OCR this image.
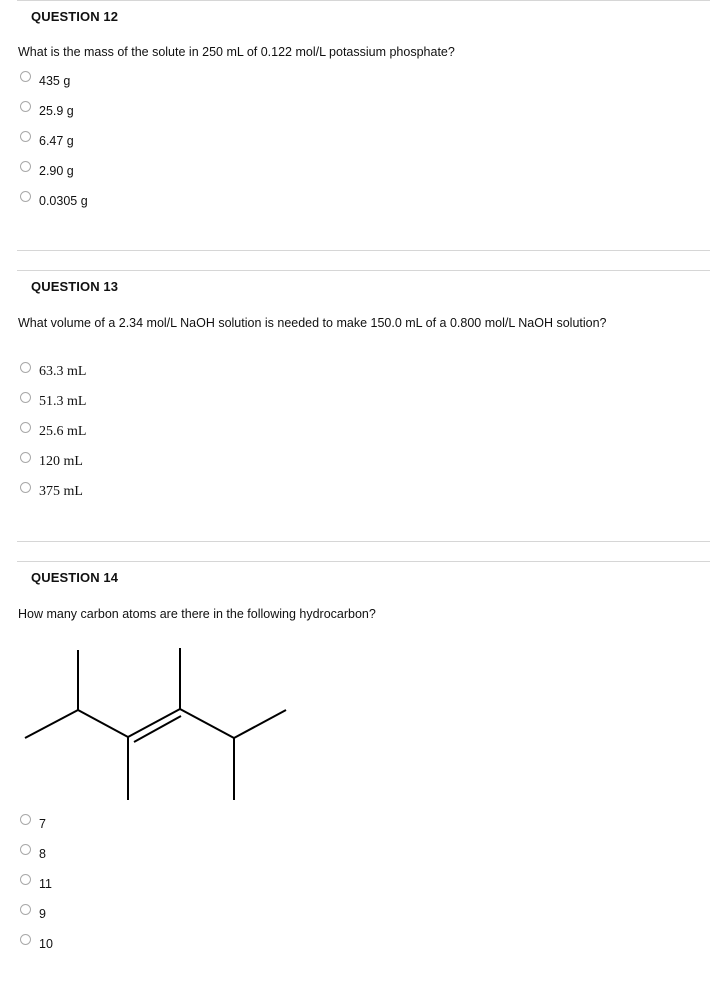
QUESTION 12
What is the mass of the solute in 250 mL of 0.122 mol/L potassium phosphate?
435 g
25.9 g
6.47 g
2.90 g
0.0305 g
QUESTION 13
What volume of a 2.34 mol/L NaOH solution is needed to make 150.0 mL of a 0.800 mol/L NaOH solution?
63.3 mL
51.3 mL
25.6 mL
120 mL
375 mL
QUESTION 14
How many carbon atoms are there in the following hydrocarbon?
7
8
11
9
10
